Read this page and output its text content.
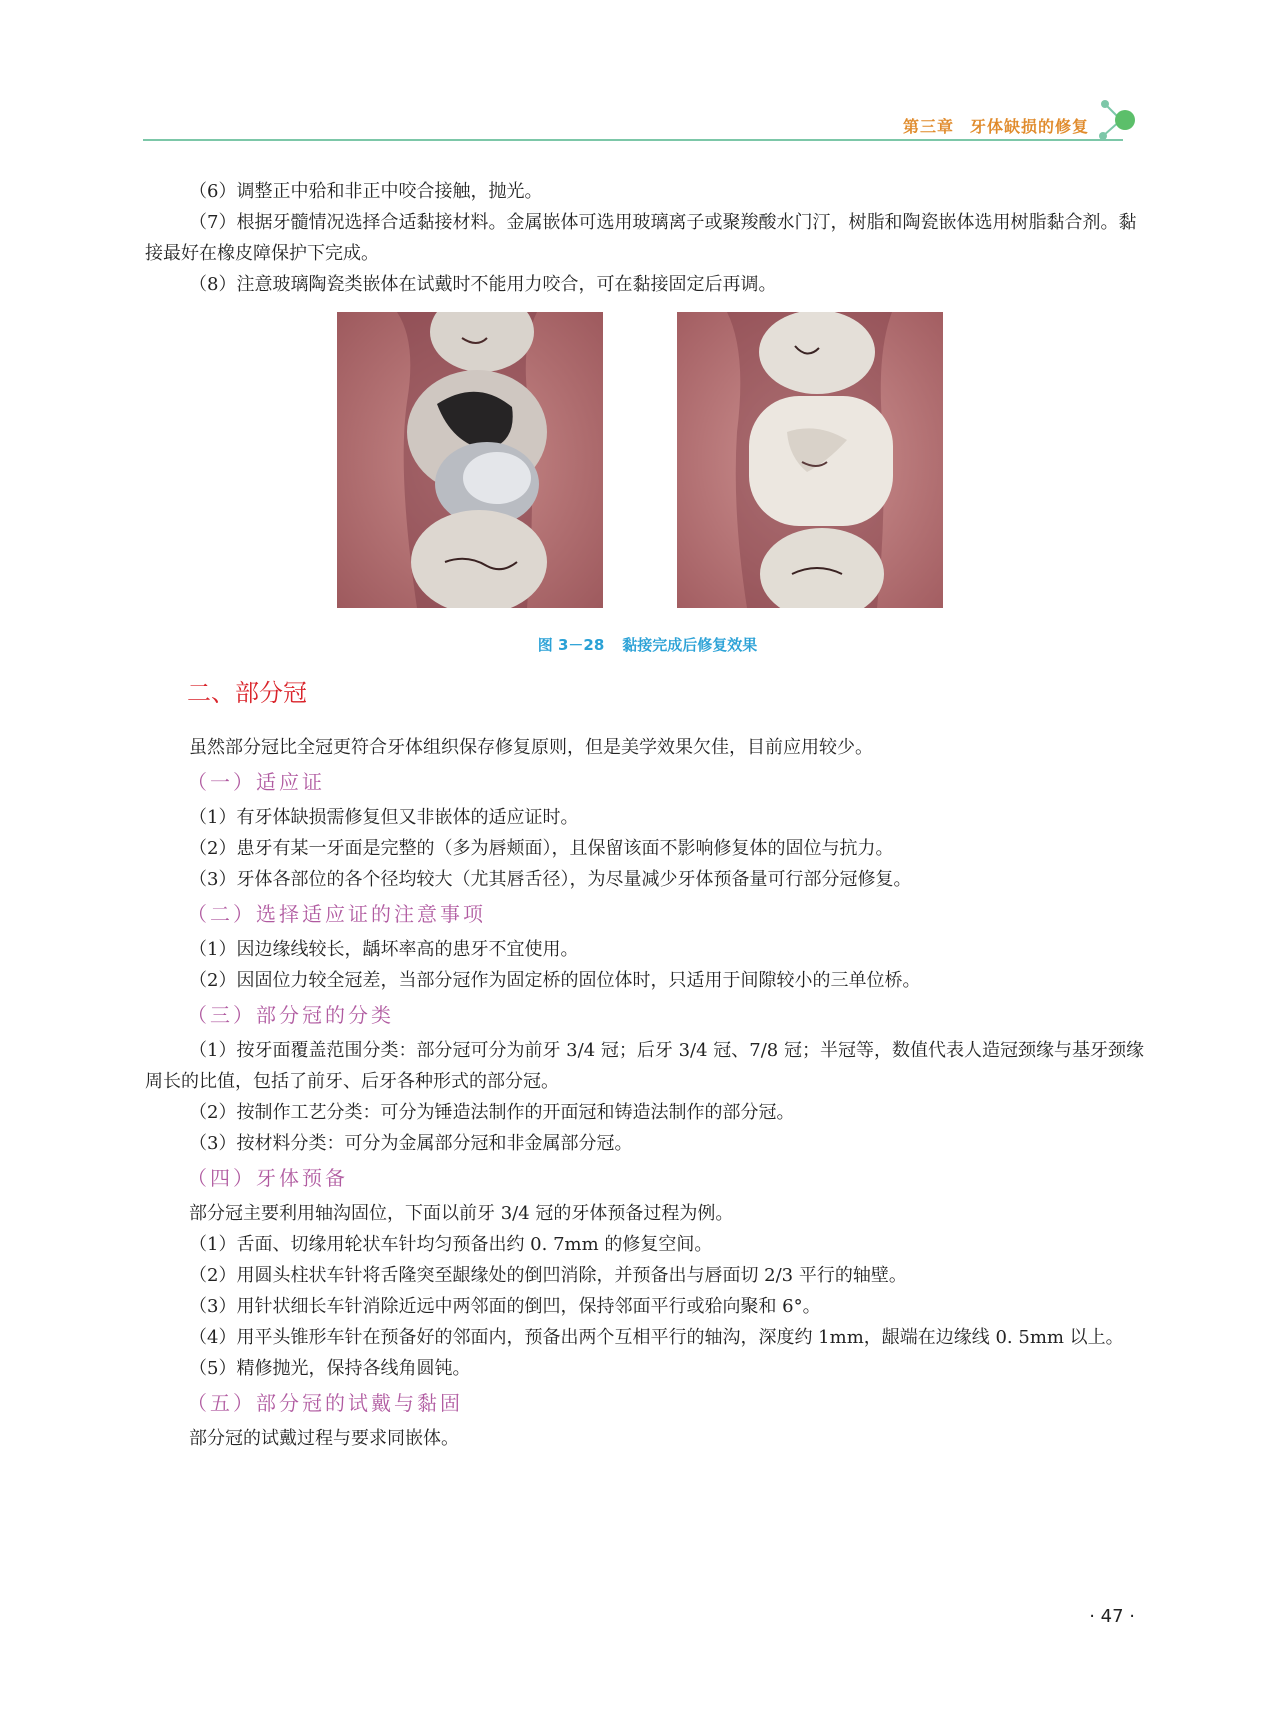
第三章 牙体缺损的修复

（6）调整正中𬌗和非正中咬合接触，抛光。

（7）根据牙髓情况选择合适黏接材料。金属嵌体可选用玻璃离子或聚羧酸水门汀，树脂和陶瓷嵌体选用树脂黏合剂。黏接最好在橡皮障保护下完成。

（8）注意玻璃陶瓷类嵌体在试戴时不能用力咬合，可在黏接固定后再调。

图 3－28 黏接完成后修复效果
二、部分冠

虽然部分冠比全冠更符合牙体组织保存修复原则，但是美学效果欠佳，目前应用较少。

（一）适应证

（1）有牙体缺损需修复但又非嵌体的适应证时。

（2）患牙有某一牙面是完整的（多为唇颊面），且保留该面不影响修复体的固位与抗力。

（3）牙体各部位的各个径均较大（尤其唇舌径），为尽量减少牙体预备量可行部分冠修复。

（二）选择适应证的注意事项

（1）因边缘线较长，龋坏率高的患牙不宜使用。

（2）因固位力较全冠差，当部分冠作为固定桥的固位体时，只适用于间隙较小的三单位桥。

（三）部分冠的分类

（1）按牙面覆盖范围分类：部分冠可分为前牙 3/4 冠；后牙 3/4 冠、7/8 冠；半冠等，数值代表人造冠颈缘与基牙颈缘周长的比值，包括了前牙、后牙各种形式的部分冠。

（2）按制作工艺分类：可分为锤造法制作的开面冠和铸造法制作的部分冠。

（3）按材料分类：可分为金属部分冠和非金属部分冠。

（四）牙体预备

部分冠主要利用轴沟固位，下面以前牙 3/4 冠的牙体预备过程为例。

（1）舌面、切缘用轮状车针均匀预备出约 0. 7mm 的修复空间。

（2）用圆头柱状车针将舌隆突至龈缘处的倒凹消除，并预备出与唇面切 2/3 平行的轴壁。

（3）用针状细长车针消除近远中两邻面的倒凹，保持邻面平行或𬌗向聚和 6°。

（4）用平头锥形车针在预备好的邻面内，预备出两个互相平行的轴沟，深度约 1mm，龈端在边缘线 0. 5mm 以上。

（5）精修抛光，保持各线角圆钝。

（五）部分冠的试戴与黏固

部分冠的试戴过程与要求同嵌体。

· 47 ·
